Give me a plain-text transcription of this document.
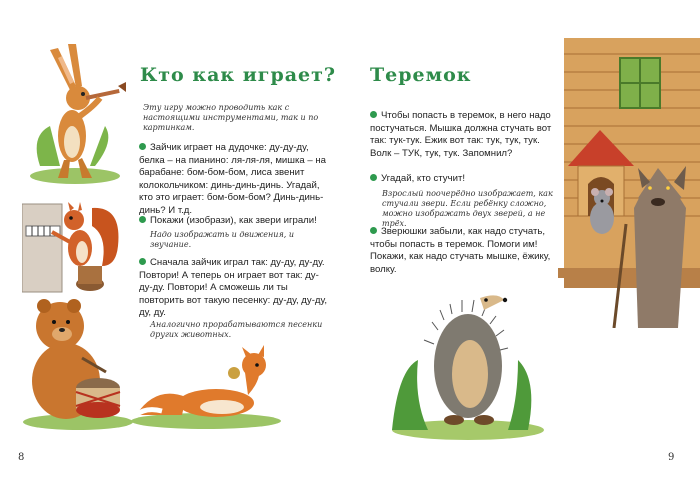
Кто как играет?

Эту игру можно проводить как с настоящими инструментами, так и по картинкам.

Зайчик играет на дудочке: ду-ду-ду, белка – на пианино: ля-ля-ля, мишка – на барабане: бом-бом-бом, лиса звенит колокольчиком: динь-динь-динь. Угадай, кто это играет: бом-бом-бом? Динь-динь-динь? И т.д.

Покажи (изобрази), как звери играли!

Надо изображать и движения, и звучание.

Сначала зайчик играл так: ду-ду, ду-ду. Повтори! А теперь он играет вот так: ду-ду-ду. Повтори! А сможешь ли ты повторить вот такую песенку: ду-ду, ду-ду, ду, ду.

Аналогично прорабатываются песенки других животных.

8
Теремок

Чтобы попасть в теремок, в него надо постучаться. Мышка должна стучать вот так: тук-тук. Ежик вот так: тук, тук, тук. Волк – ТУК, тук, тук. Запомнил?

Угадай, кто стучит!

Взрослый поочерёдно изображает, как стучали звери. Если ребёнку сложно, можно изображать двух зверей, а не трёх.

Зверюшки забыли, как надо стучать, чтобы попасть в теремок. Помоги им! Покажи, как надо стучать мышке, ёжику, волку.

9
